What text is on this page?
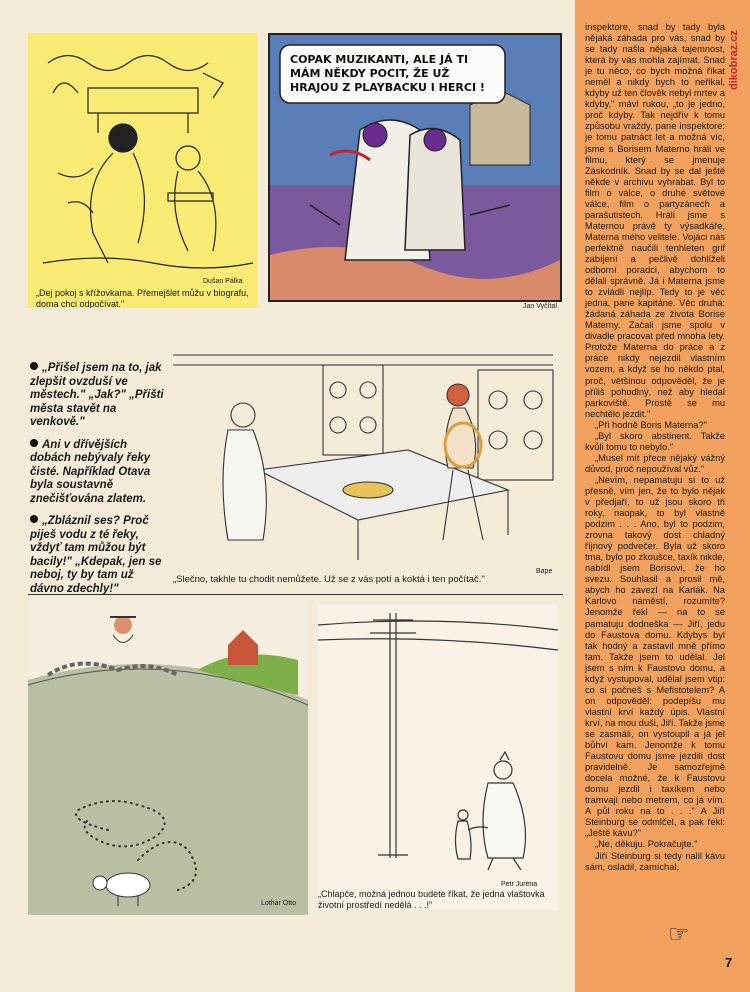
Dušan Pálka
„Dej pokoj s křížovkama. Přemejšlet můžu v biografu, doma chci odpočívat."
COPAK MUZIKANTI, ALE JÁ TI MÁM NĚKDY POCIT, ŽE UŽ HRAJOU Z PLAYBACKU I HERCI !
Jan Vyčítal

„Přišel jsem na to, jak zlepšit ovzduší ve městech." „Jak?" „Přišti města stavět na venkově."

Ani v dřívějších dobách nebývaly řeky čisté. Například Otava byla soustavně znečišťována zlatem.

„Zbláznil ses? Proč piješ vodu z té řeky, vždyť tam můžou být bacily!" „Kdepak, jen se neboj, ty by tam už dávno zdechly!"

Bape
„Slečno, takhle tu chodit nemůžete. Už se z vás potí a koktá i ten počítač."
Lothar Otto
Petr Jurena
„Chlapče, možná jednou budete říkat, že jedna vlaštovka životní prostředí nedělá . . .!"

inspektore, snad by tady byla nějaká záhada pro vás, snad by se tady našla nějaká tajemnost, která by vás mohla zajímat. Snad je tu něco, co bych možná říkat neměl a nikdy bych to neřikal, kdyby už ten člověk nebyl mrtev a kdyby," mávl rukou, „to je jedno, proč kdyby. Tak nejdřív k tomu způsobu vraždy, pane inspektore: je tomu patnáct let a možná víc, jsme s Borisem Materno hráli ve filmu, který se jmenuje Záskodník. Snad by se dal ještě někde v archivu vyhrabat. Byl to film o válce, o druhé světové válce, film o partyzánech a parašutistech. Hráli jsme s Maternou právě ty výsadkáře, Materna mého velitele. Vojáci nás perfektně naučili tenhleten grif zabíjení a pečlivě dohlíželi odborní poradci, abychom to dělali správně. Já i Materna jsme to zvládli nejlíp. Tedy to je věc jedna, pane kapitáne. Věc druhá: žádaná záhada ze života Borise Materny. Začali jsme spolu v divadle pracovat před mnoha lety. Protože Materna do práce a z práce nikdy nejezdil vlastním vozem, a když se ho někdo ptal, proč, většinou odpověděl, že je příliš pohodlný, než aby hledal parkoviště. Prostě se mu nechtělo jezdit."

„Při hodně Boris Materna?"

„Byl skoro abstinent. Takže kvůli tomu to nebylo."

„Musel mít přece nějaký vážný důvod, proč nepoužíval vůz."

„Nevím, nepamatuju si to už přesně, vím jen, že to bylo nějak v předjaří, to už jsou skoro tři roky, naopak, to byl vlastně podzim . . . Ano, byl to podzim, zrovna takový dost chladný říjnový podvečer. Byla už skoro tma, bylo po zkoušce, taxík nikde, nabídl jsem Borisovi, že ho svezu. Souhlasil a prosil mě, abych ho zavezl na Karlák. Na Karlovo náměstí, rozumíte? Jenomže řekl — na to se pamatuju dodneška — Jiří, jedu do Faustova domu. Kdybys byl tak hodný a zastavil mně přímo tam. Takže jsem to udělal. Jel jsem s ním k Faustovu domu, a když vystupoval, udělal jsem vtip: co si počneš s Mefistotelem? A on odpověděl: podepíšu mu vlastní krví každý úpis. Vlastní krví, na mou duši, Jiří. Takže jsme se zasmáli, on vystoupil a já jel bůhví kam. Jenomže k tomu Faustovu domu jsme jezdili dost pravidelně. Je samozřejmě docela možné, že k Faustovu domu jezdil i taxíkem nebo tramvají nebo metrem, co já vím. A půl roku na to . . ." A Jiří Steinburg se odmlčel, a pak řekl: „Ještě kávu?"

„Ne, děkuju. Pokračujte."

Jiří Steinburg si tedy nalil kávu sám, osladil, zamíchal,

dikobraz.cz
☞
7
